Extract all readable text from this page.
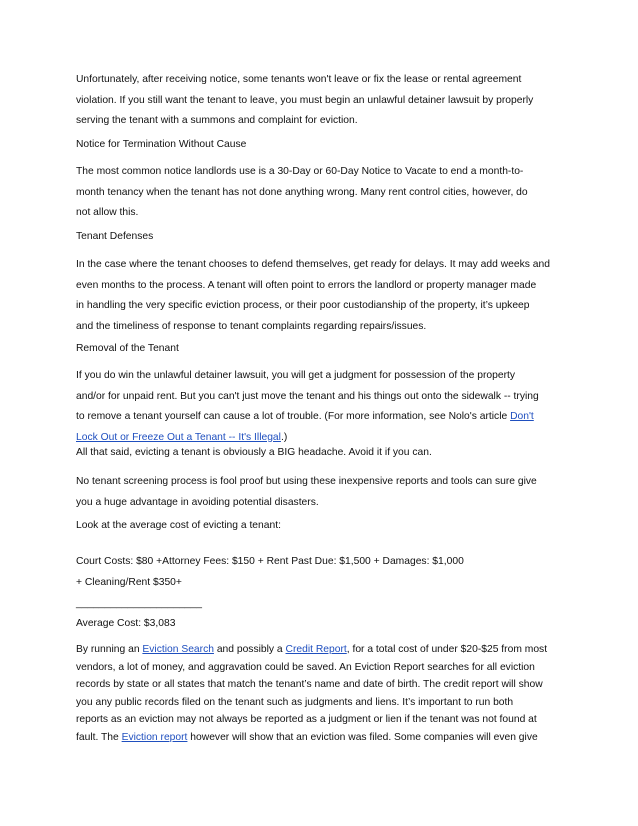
Unfortunately, after receiving notice, some tenants won't leave or fix the lease or rental agreement
violation. If you still want the tenant to leave, you must begin an unlawful detainer lawsuit by properly
serving the tenant with a summons and complaint for eviction.
Notice for Termination Without Cause
The most common notice landlords use is a 30-Day or 60-Day Notice to Vacate to end a month-to-
month tenancy when the tenant has not done anything wrong. Many rent control cities, however, do
not allow this.
Tenant Defenses
In the case where the tenant chooses to defend themselves, get ready for delays. It may add weeks and
even months to the process. A tenant will often point to errors the landlord or property manager made
in handling the very specific eviction process, or their poor custodianship of the property, it’s upkeep
and the timeliness of response to tenant complaints regarding repairs/issues.
Removal of the Tenant
If you do win the unlawful detainer lawsuit, you will get a judgment for possession of the property
and/or for unpaid rent. But you can't just move the tenant and his things out onto the sidewalk -- trying
to remove a tenant yourself can cause a lot of trouble. (For more information, see Nolo's article Don't
Lock Out or Freeze Out a Tenant -- It's Illegal.)
All that said, evicting a tenant is obviously a BIG headache. Avoid it if you can.
No tenant screening process is fool proof but using these inexpensive reports and tools can sure give
you a huge advantage in avoiding potential disasters.
Look at the average cost of evicting a tenant:
Court Costs: $80 +Attorney Fees: $150 + Rent Past Due: $1,500 + Damages: $1,000
+ Cleaning/Rent $350+
______________________
Average Cost: $3,083
By running an Eviction Search and possibly a Credit Report, for a total cost of under $20-$25 from most
vendors, a lot of money, and aggravation could be saved. An Eviction Report searches for all eviction
records by state or all states that match the tenant’s name and date of birth. The credit report will show
you any public records filed on the tenant such as judgments and liens. It’s important to run both
reports as an eviction may not always be reported as a judgment or lien if the tenant was not found at
fault. The Eviction report however will show that an eviction was filed. Some companies will even give
